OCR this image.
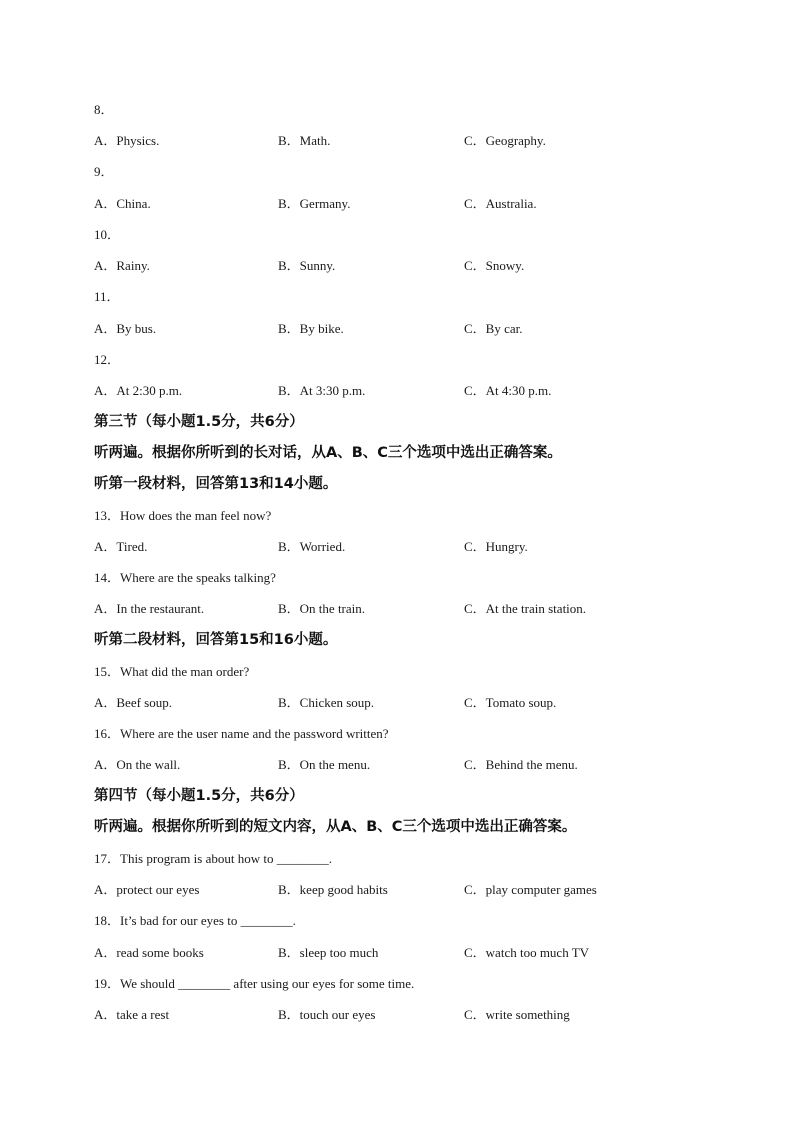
8．
A．Physics.	B．Math.	C．Geography.
9．
A．China.	B．Germany.	C．Australia.
10．
A．Rainy.	B．Sunny.	C．Snowy.
11．
A．By bus.	B．By bike.	C．By car.
12．
A．At 2:30 p.m.	B．At 3:30 p.m.	C．At 4:30 p.m.
第三节（每小题1.5分，共6分）
听两遍。根据你所听到的长对话，从A、B、C三个选项中选出正确答案。
听第一段材料，回答第13和14小题。
13．How does the man feel now?
A．Tired.	B．Worried.	C．Hungry.
14．Where are the speaks talking?
A．In the restaurant.	B．On the train.	C．At the train station.
听第二段材料，回答第15和16小题。
15．What did the man order?
A．Beef soup.	B．Chicken soup.	C．Tomato soup.
16．Where are the user name and the password written?
A．On the wall.	B．On the menu.	C．Behind the menu.
第四节（每小题1.5分，共6分）
听两遍。根据你所听到的短文内容，从A、B、C三个选项中选出正确答案。
17．This program is about how to ________.
A．protect our eyes	B．keep good habits	C．play computer games
18．It’s bad for our eyes to ________.
A．read some books	B．sleep too much	C．watch too much TV
19．We should ________ after using our eyes for some time.
A．take a rest	B．touch our eyes	C．write something
